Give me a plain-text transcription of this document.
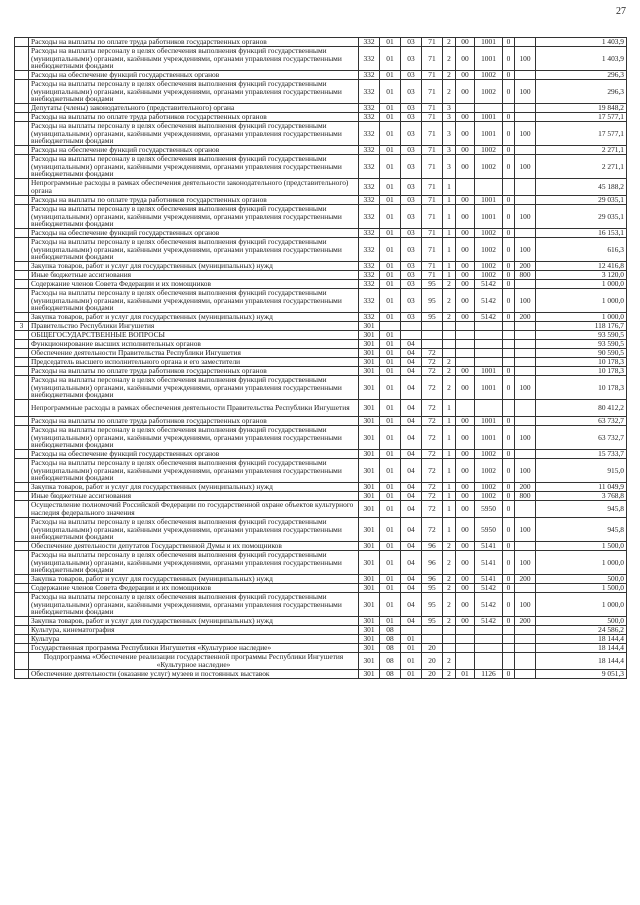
27
	Расходы на выплаты по оплате труда работников государственных органов	332	01	03	71	2	00	1001	0		1 403,9
	Расходы на выплаты персоналу в целях обеспечения выполнения функций государственными (муниципальными) органами, казёнными учреждениями, органами управления государственными внебюджетными фондами	332	01	03	71	2	00	1001	0	100	1 403,9
	Расходы на обеспечение функций государственных органов	332	01	03	71	2	00	1002	0		296,3
	Расходы на выплаты персоналу в целях обеспечения выполнения функций государственными (муниципальными) органами, казёнными учреждениями, органами управления государственными внебюджетными фондами	332	01	03	71	2	00	1002	0	100	296,3
	Депутаты (члены) законодательного (представительного) органа	332	01	03	71	3					19 848,2
	Расходы на выплаты по оплате труда работников государственных органов	332	01	03	71	3	00	1001	0		17 577,1
	Расходы на выплаты персоналу в целях обеспечения выполнения функций государственными (муниципальными) органами, казёнными учреждениями, органами управления государственными внебюджетными фондами	332	01	03	71	3	00	1001	0	100	17 577,1
	Расходы на обеспечение функций государственных органов	332	01	03	71	3	00	1002	0		2 271,1
	Расходы на выплаты персоналу в целях обеспечения выполнения функций государственными (муниципальными) органами, казёнными учреждениями, органами управления государственными внебюджетными фондами	332	01	03	71	3	00	1002	0	100	2 271,1
	Непрограммные расходы в рамках обеспечения деятельности законодательного (представительного) органа	332	01	03	71	1					45 188,2
	Расходы на выплаты по оплате труда работников государственных органов	332	01	03	71	1	00	1001	0		29 035,1
	Расходы на выплаты персоналу в целях обеспечения выполнения функций государственными (муниципальными) органами, казёнными учреждениями, органами управления государственными внебюджетными фондами	332	01	03	71	1	00	1001	0	100	29 035,1
	Расходы на обеспечение функций государственных органов	332	01	03	71	1	00	1002	0		16 153,1
	Расходы на выплаты персоналу в целях обеспечения выполнения функций государственными (муниципальными) органами, казёнными учреждениями, органами управления государственными внебюджетными фондами	332	01	03	71	1	00	1002	0	100	616,3
	Закупка товаров, работ и услуг для государственных (муниципальных) нужд	332	01	03	71	1	00	1002	0	200	12 416,8
	Иные бюджетные ассигнования	332	01	03	71	1	00	1002	0	800	3 120,0
	Содержание членов Совета Федерации и их помощников	332	01	03	95	2	00	5142	0		1 000,0
	Расходы на выплаты персоналу в целях обеспечения выполнения функций государственными (муниципальными) органами, казёнными учреждениями, органами управления государственными внебюджетными фондами	332	01	03	95	2	00	5142	0	100	1 000,0
	Закупка товаров, работ и услуг для государственных (муниципальных) нужд	332	01	03	95	2	00	5142	0	200	1 000,0
3	Правительство Республики Ингушетия	301									118 176,7
	ОБЩЕГОСУДАРСТВЕННЫЕ ВОПРОСЫ	301	01								93 590,5
	Функционирование высших исполнительных органов	301	01	04							93 590,5
	Обеспечение деятельности Правительства Республики Ингушетия	301	01	04	72						90 590,5
	Председатель высшего исполнительного органа и его заместители	301	01	04	72	2					10 178,3
	Расходы на выплаты по оплате труда работников государственных органов	301	01	04	72	2	00	1001	0		10 178,3
	Расходы на выплаты персоналу в целях обеспечения выполнения функций государственными (муниципальными) органами, казёнными учреждениями, органами управления государственными внебюджетными фондами	301	01	04	72	2	00	1001	0	100	10 178,3
	Непрограммные расходы в рамках обеспечения деятельности Правительства Республики Ингушетия	301	01	04	72	1					80 412,2
	Расходы на выплаты по оплате труда работников государственных органов	301	01	04	72	1	00	1001	0		63 732,7
	Расходы на выплаты персоналу в целях обеспечения выполнения функций государственными (муниципальными) органами, казёнными учреждениями, органами управления государственными внебюджетными фондами	301	01	04	72	1	00	1001	0	100	63 732,7
	Расходы на обеспечение функций государственных органов	301	01	04	72	1	00	1002	0		15 733,7
	Расходы на выплаты персоналу в целях обеспечения выполнения функций государственными (муниципальными) органами, казёнными учреждениями, органами управления государственными внебюджетными фондами	301	01	04	72	1	00	1002	0	100	915,0
	Закупка товаров, работ и услуг для государственных (муниципальных) нужд	301	01	04	72	1	00	1002	0	200	11 049,9
	Иные бюджетные ассигнования	301	01	04	72	1	00	1002	0	800	3 768,8
	Осуществление полномочий Российской Федерации по государственной охране объектов культурного наследия федерального значения	301	01	04	72	1	00	5950	0		945,8
	Расходы на выплаты персоналу в целях обеспечения выполнения функций государственными (муниципальными) органами, казёнными учреждениями, органами управления государственными внебюджетными фондами	301	01	04	72	1	00	5950	0	100	945,8
	Обеспечение деятельности депутатов Государственной Думы и их помощников	301	01	04	96	2	00	5141	0		1 500,0
	Расходы на выплаты персоналу в целях обеспечения выполнения функций государственными (муниципальными) органами, казёнными учреждениями, органами управления государственными внебюджетными фондами	301	01	04	96	2	00	5141	0	100	1 000,0
	Закупка товаров, работ и услуг для государственных (муниципальных) нужд	301	01	04	96	2	00	5141	0	200	500,0
	Содержание членов Совета Федерации и их помощников	301	01	04	95	2	00	5142	0		1 500,0
	Расходы на выплаты персоналу в целях обеспечения выполнения функций государственными (муниципальными) органами, казёнными учреждениями, органами управления государственными внебюджетными фондами	301	01	04	95	2	00	5142	0	100	1 000,0
	Закупка товаров, работ и услуг для государственных (муниципальных) нужд	301	01	04	95	2	00	5142	0	200	500,0
	Культура, кинематография	301	08								24 586,2
	Культура	301	08	01							18 144,4
	Государственная программа Республики Ингушетия «Культурное наследие»	301	08	01	20						18 144,4
	Подпрограмма «Обеспечение реализации государственной программы Республики Ингушетия «Культурное наследие»	301	08	01	20	2					18 144,4
	Обеспечение деятельности (оказание услуг) музеев и постоянных выставок	301	08	01	20	2	01	1126	0		9 051,3
